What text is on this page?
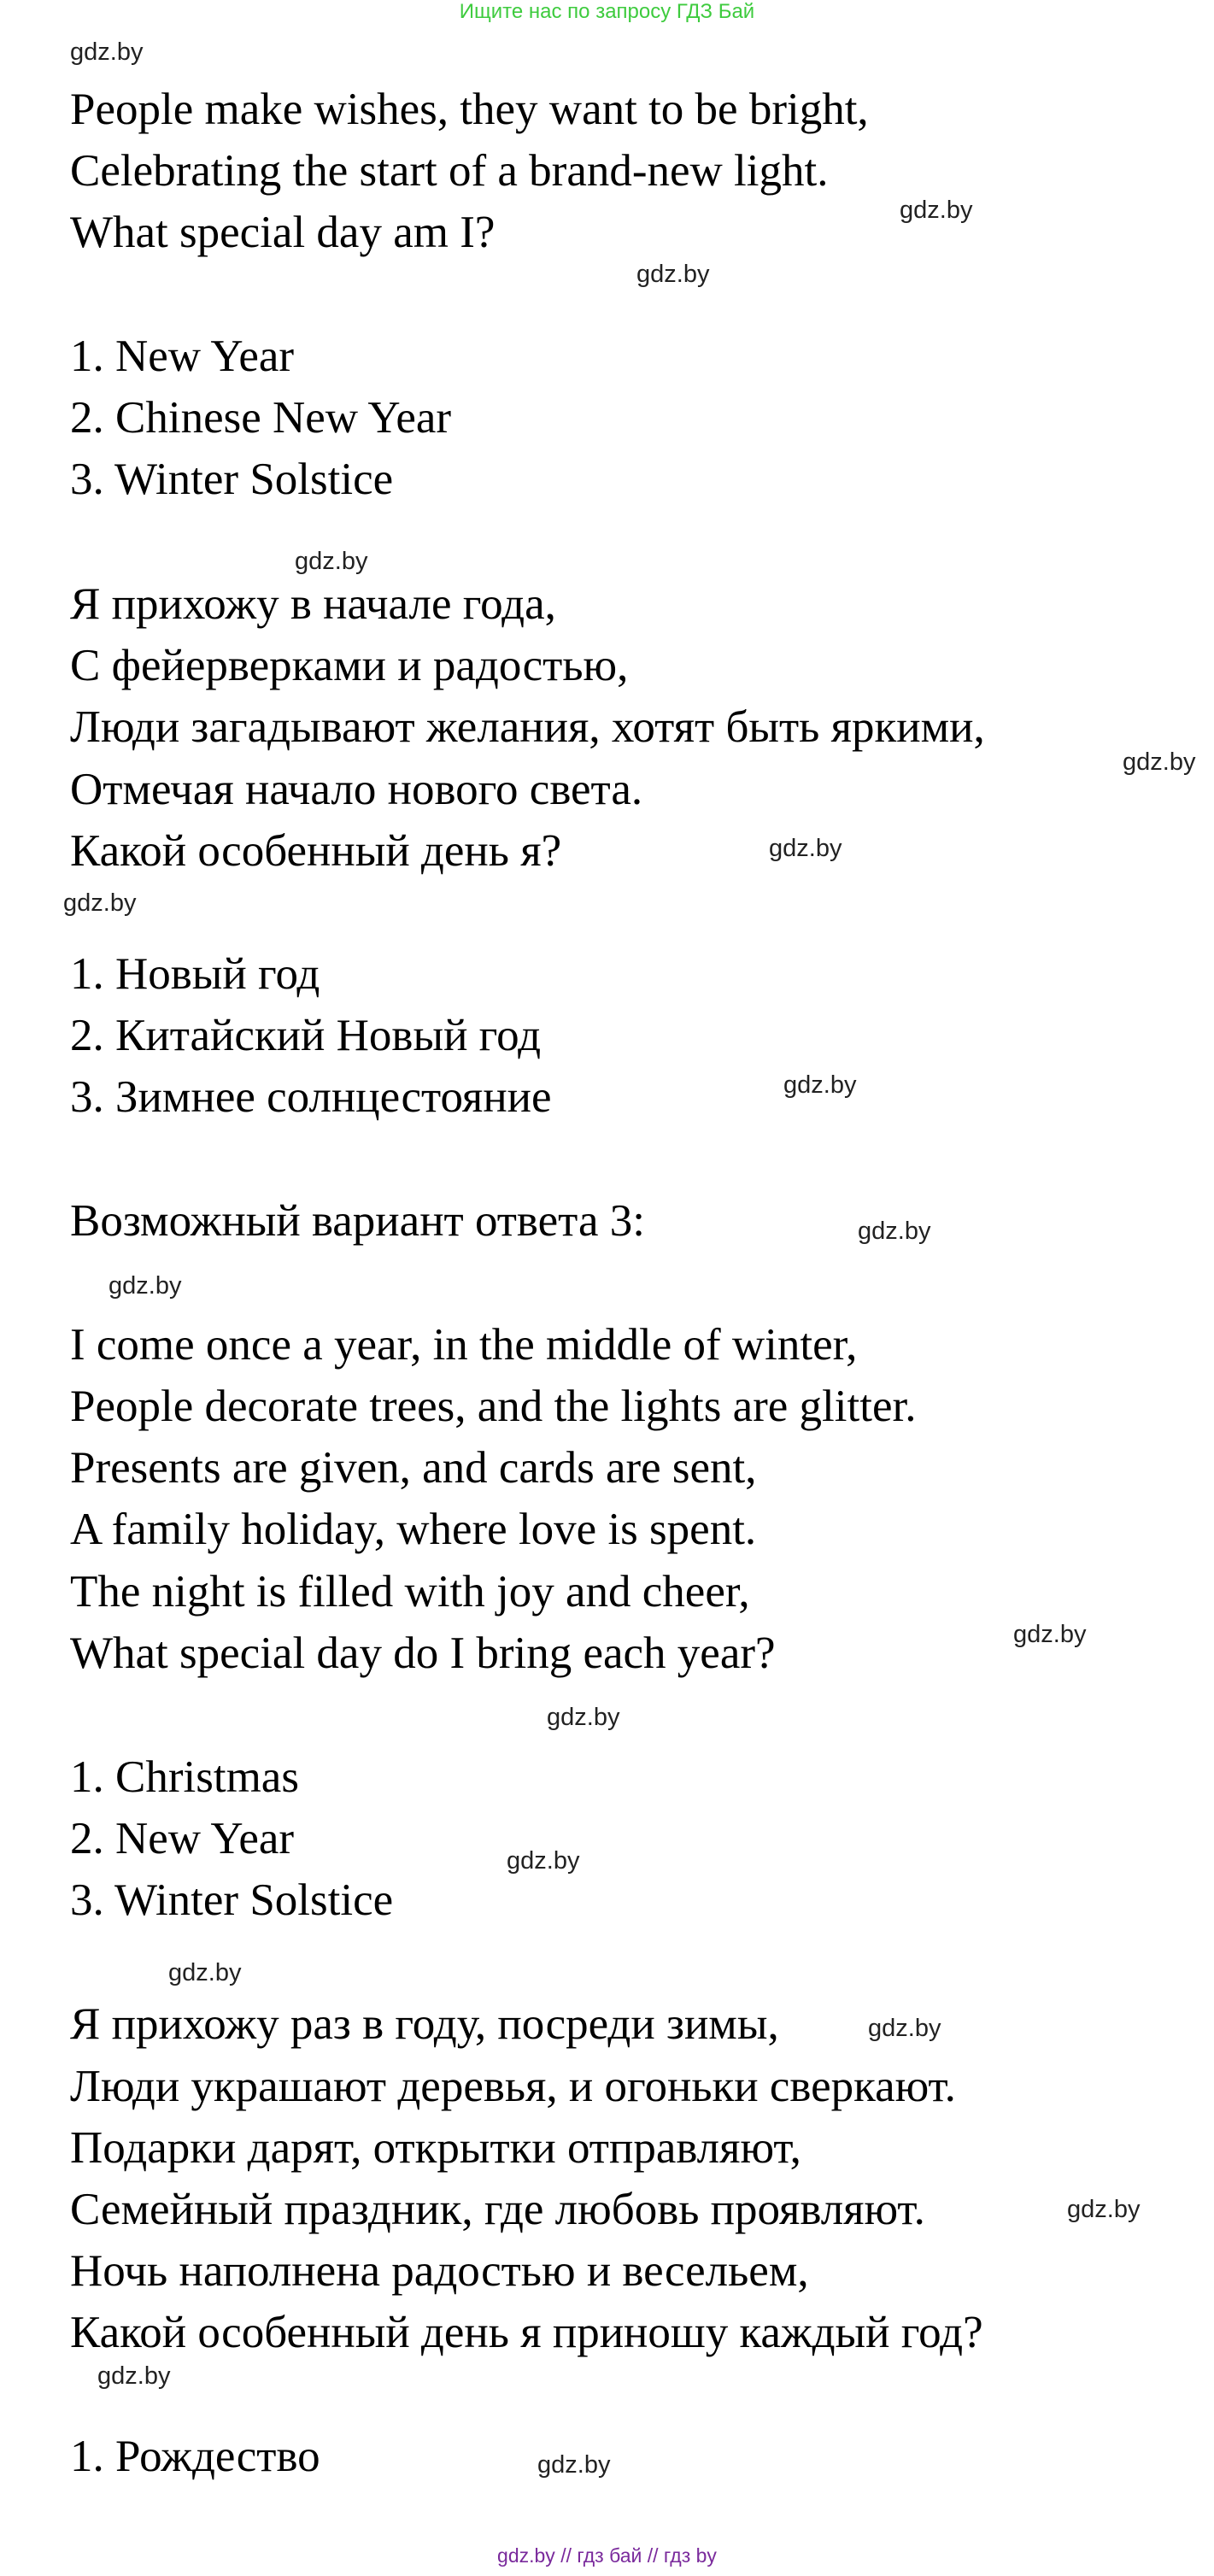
Ищите нас по запросу ГДЗ Бай
People make wishes, they want to be bright,
Celebrating the start of a brand-new light.
What special day am I?
1. New Year
2. Chinese New Year
3. Winter Solstice
Я прихожу в начале года,
С фейерверками и радостью,
Люди загадывают желания, хотят быть яркими,
Отмечая начало нового света.
Какой особенный день я?
1. Новый год
2. Китайский Новый год
3. Зимнее солнцестояние
Возможный вариант ответа 3:
I come once a year, in the middle of winter,
People decorate trees, and the lights are glitter.
Presents are given, and cards are sent,
A family holiday, where love is spent.
The night is filled with joy and cheer,
What special day do I bring each year?
1. Christmas
2. New Year
3. Winter Solstice
Я прихожу раз в году, посреди зимы,
Люди украшают деревья, и огоньки сверкают.
Подарки дарят, открытки отправляют,
Семейный праздник, где любовь проявляют.
Ночь наполнена радостью и весельем,
Какой особенный день я приношу каждый год?
1. Рождество
gdz.by
gdz.by
gdz.by
gdz.by
gdz.by
gdz.by
gdz.by
gdz.by
gdz.by
gdz.by
gdz.by
gdz.by
gdz.by
gdz.by
gdz.by
gdz.by
gdz.by
gdz.by
gdz.by // гдз бай // гдз by
